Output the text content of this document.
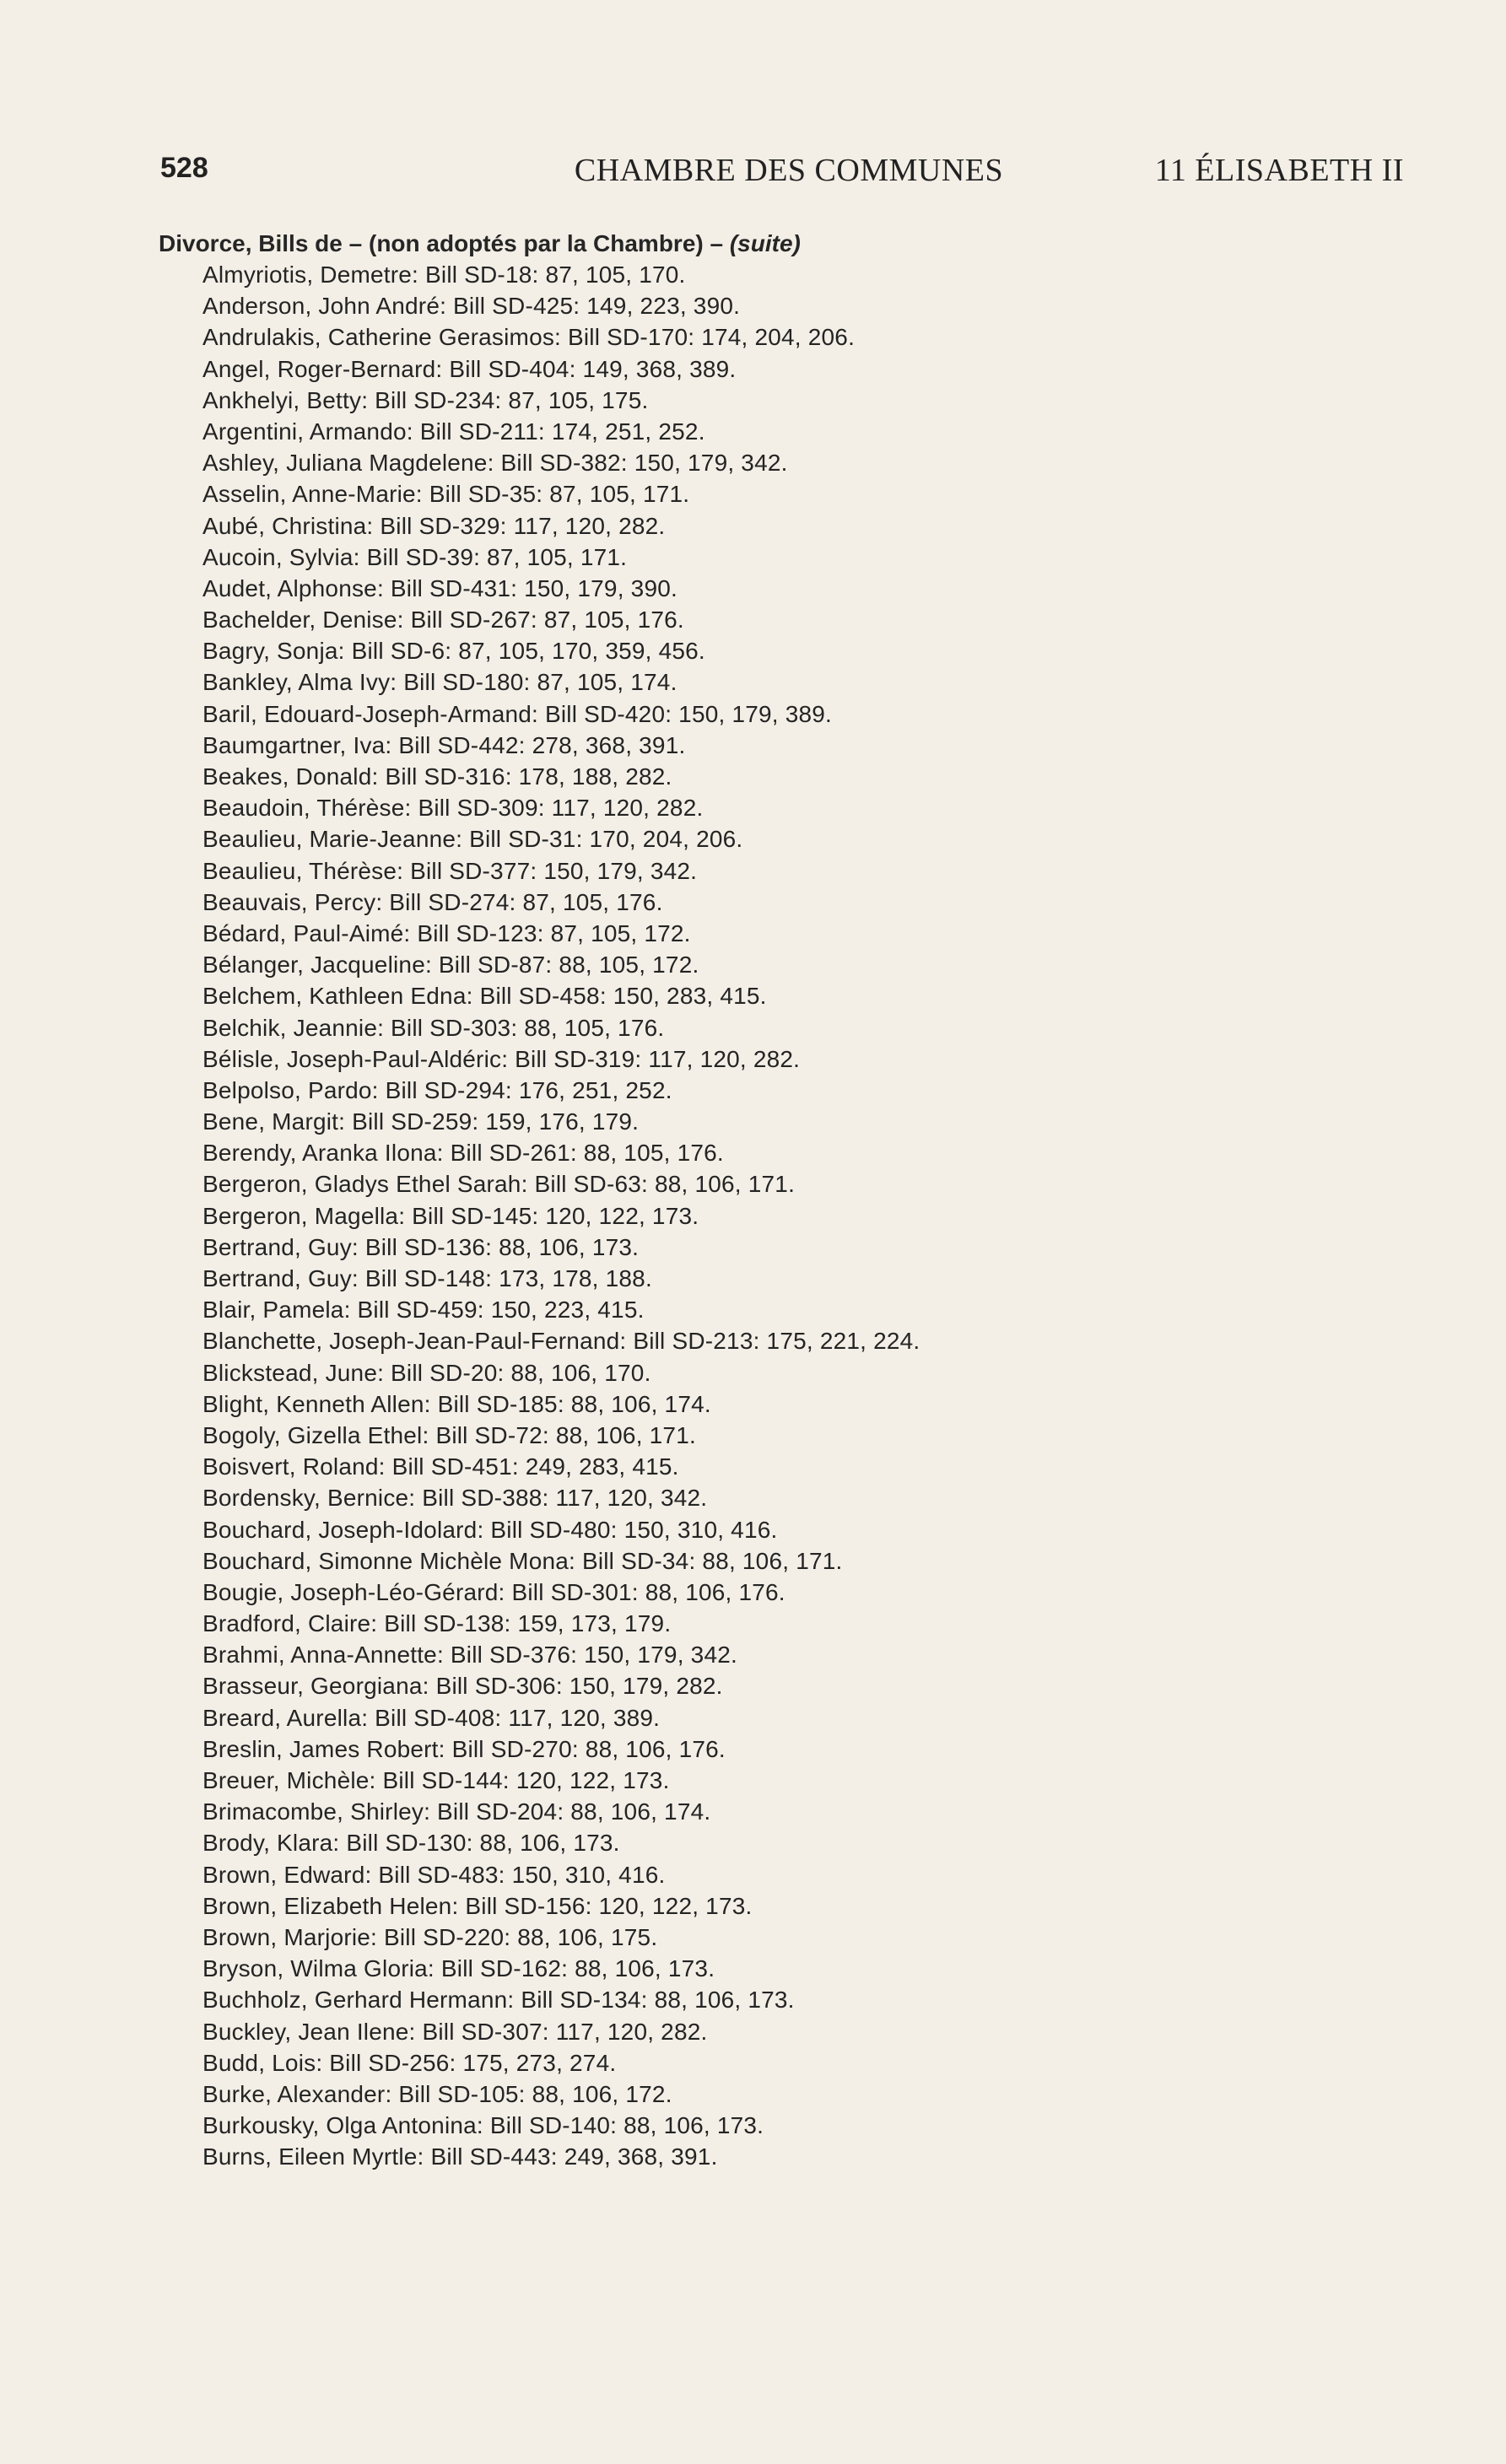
528	CHAMBRE DES COMMUNES	11 ÉLISABETH II
Divorce, Bills de – (non adoptés par la Chambre) – (suite)
Almyriotis, Demetre: Bill SD-18: 87, 105, 170.
Anderson, John André: Bill SD-425: 149, 223, 390.
Andrulakis, Catherine Gerasimos: Bill SD-170: 174, 204, 206.
Angel, Roger-Bernard: Bill SD-404: 149, 368, 389.
Ankhelyi, Betty: Bill SD-234: 87, 105, 175.
Argentini, Armando: Bill SD-211: 174, 251, 252.
Ashley, Juliana Magdelene: Bill SD-382: 150, 179, 342.
Asselin, Anne-Marie: Bill SD-35: 87, 105, 171.
Aubé, Christina: Bill SD-329: 117, 120, 282.
Aucoin, Sylvia: Bill SD-39: 87, 105, 171.
Audet, Alphonse: Bill SD-431: 150, 179, 390.
Bachelder, Denise: Bill SD-267: 87, 105, 176.
Bagry, Sonja: Bill SD-6: 87, 105, 170, 359, 456.
Bankley, Alma Ivy: Bill SD-180: 87, 105, 174.
Baril, Edouard-Joseph-Armand: Bill SD-420: 150, 179, 389.
Baumgartner, Iva: Bill SD-442: 278, 368, 391.
Beakes, Donald: Bill SD-316: 178, 188, 282.
Beaudoin, Thérèse: Bill SD-309: 117, 120, 282.
Beaulieu, Marie-Jeanne: Bill SD-31: 170, 204, 206.
Beaulieu, Thérèse: Bill SD-377: 150, 179, 342.
Beauvais, Percy: Bill SD-274: 87, 105, 176.
Bédard, Paul-Aimé: Bill SD-123: 87, 105, 172.
Bélanger, Jacqueline: Bill SD-87: 88, 105, 172.
Belchem, Kathleen Edna: Bill SD-458: 150, 283, 415.
Belchik, Jeannie: Bill SD-303: 88, 105, 176.
Bélisle, Joseph-Paul-Aldéric: Bill SD-319: 117, 120, 282.
Belpolso, Pardo: Bill SD-294: 176, 251, 252.
Bene, Margit: Bill SD-259: 159, 176, 179.
Berendy, Aranka Ilona: Bill SD-261: 88, 105, 176.
Bergeron, Gladys Ethel Sarah: Bill SD-63: 88, 106, 171.
Bergeron, Magella: Bill SD-145: 120, 122, 173.
Bertrand, Guy: Bill SD-136: 88, 106, 173.
Bertrand, Guy: Bill SD-148: 173, 178, 188.
Blair, Pamela: Bill SD-459: 150, 223, 415.
Blanchette, Joseph-Jean-Paul-Fernand: Bill SD-213: 175, 221, 224.
Blickstead, June: Bill SD-20: 88, 106, 170.
Blight, Kenneth Allen: Bill SD-185: 88, 106, 174.
Bogoly, Gizella Ethel: Bill SD-72: 88, 106, 171.
Boisvert, Roland: Bill SD-451: 249, 283, 415.
Bordensky, Bernice: Bill SD-388: 117, 120, 342.
Bouchard, Joseph-Idolard: Bill SD-480: 150, 310, 416.
Bouchard, Simonne Michèle Mona: Bill SD-34: 88, 106, 171.
Bougie, Joseph-Léo-Gérard: Bill SD-301: 88, 106, 176.
Bradford, Claire: Bill SD-138: 159, 173, 179.
Brahmi, Anna-Annette: Bill SD-376: 150, 179, 342.
Brasseur, Georgiana: Bill SD-306: 150, 179, 282.
Breard, Aurella: Bill SD-408: 117, 120, 389.
Breslin, James Robert: Bill SD-270: 88, 106, 176.
Breuer, Michèle: Bill SD-144: 120, 122, 173.
Brimacombe, Shirley: Bill SD-204: 88, 106, 174.
Brody, Klara: Bill SD-130: 88, 106, 173.
Brown, Edward: Bill SD-483: 150, 310, 416.
Brown, Elizabeth Helen: Bill SD-156: 120, 122, 173.
Brown, Marjorie: Bill SD-220: 88, 106, 175.
Bryson, Wilma Gloria: Bill SD-162: 88, 106, 173.
Buchholz, Gerhard Hermann: Bill SD-134: 88, 106, 173.
Buckley, Jean Ilene: Bill SD-307: 117, 120, 282.
Budd, Lois: Bill SD-256: 175, 273, 274.
Burke, Alexander: Bill SD-105: 88, 106, 172.
Burkousky, Olga Antonina: Bill SD-140: 88, 106, 173.
Burns, Eileen Myrtle: Bill SD-443: 249, 368, 391.
